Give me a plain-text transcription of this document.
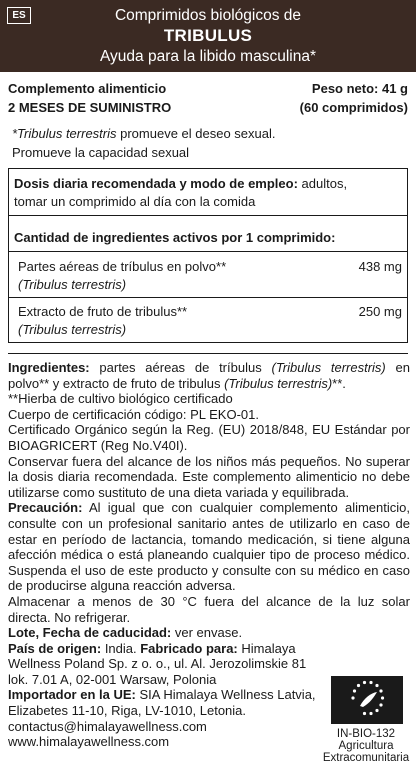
ES	Comprimidos biológicos de
TRIBULUS
Ayuda para la libido masculina*
Complemento alimenticio
2 MESES DE SUMINISTRO
Peso neto: 41 g
(60 comprimidos)
*Tribulus terrestris promueve el deseo sexual.
Promueve la capacidad sexual
Dosis diaria recomendada y modo de empleo: adultos,
tomar un comprimido al día con la comida
Cantidad de ingredientes activos por 1 comprimido:
Partes aéreas de tríbulus en polvo**
(Tribulus terrestris)
438 mg
Extracto de fruto de tribulus**
(Tribulus terrestris)
250 mg

Ingredientes: partes aéreas de tríbulus (Tribulus terrestris) en polvo** y extracto de fruto de tribulus (Tribulus terrestris)**.

**Hierba de cultivo biológico certificado

Cuerpo de certificación código: PL EKO-01.

Certificado Orgánico según la Reg. (EU) 2018/848, EU Estándar por BIOAGRICERT (Reg No.V40I).

Conservar fuera del alcance de los niños más pequeños. No superar la dosis diaria recomendada. Este complemento alimenticio no debe utilizarse como sustituto de una dieta variada y equilibrada.

Precaución: Al igual que con cualquier complemento alimenticio, consulte con un profesional sanitario antes de utilizarlo en caso de estar en período de lactancia, tomando medicación, si tiene alguna afección médica o está planeando cualquier tipo de proceso médico. Suspenda el uso de este producto y consulte con su médico en caso de producirse alguna reacción adversa.

Almacenar a menos de 30 °C fuera del alcance de la luz solar directa. No refrigerar.

Lote, Fecha de caducidad: ver envase.

País de origen: India. Fabricado para: Himalaya

Wellness Poland Sp. z o. o., ul. Al. Jerozolimskie 81

lok. 7.01 A, 02-001 Warsaw, Polonia

Importador en la UE: SIA Himalaya Wellness Latvia,

Elizabetes 11-10, Riga, LV-1010, Letonia.

contactus@himalayawellness.com

www.himalayawellness.com

IN-BIO-132
Agricultura
Extracomunitaria
